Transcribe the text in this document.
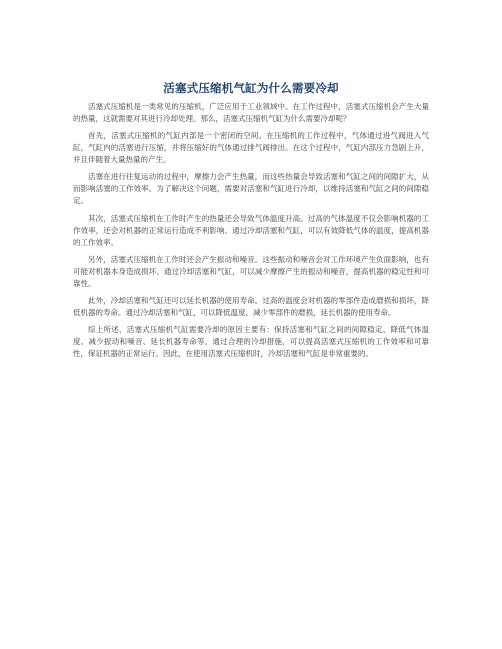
活塞式压缩机气缸为什么需要冷却

活塞式压缩机是一类常见的压缩机，广泛应用于工业领域中。在工作过程中，活塞式压缩机会产生大量的热量，这就需要对其进行冷却处理。那么，活塞式压缩机气缸为什么需要冷却呢？

首先，活塞式压缩机的气缸内部是一个密闭的空间。在压缩机的工作过程中，气体通过进气阀进入气缸，气缸内的活塞进行压缩，并将压缩好的气体通过排气阀排出。在这个过程中，气缸内部压力急剧上升，并且伴随着大量热量的产生。

活塞在进行往复运动的过程中，摩擦力会产生热量，而这些热量会导致活塞和气缸之间的间隙扩大，从而影响活塞的工作效率。为了解决这个问题，需要对活塞和气缸进行冷却，以维持活塞和气缸之间的间隙稳定。

其次，活塞式压缩机在工作时产生的热量还会导致气体温度升高。过高的气体温度不仅会影响机器的工作效率，还会对机器的正常运行造成不利影响。通过冷却活塞和气缸，可以有效降低气体的温度，提高机器的工作效率。

另外，活塞式压缩机在工作时还会产生振动和噪音。这些振动和噪音会对工作环境产生负面影响，也有可能对机器本身造成损坏。通过冷却活塞和气缸，可以减少摩擦产生的振动和噪音，提高机器的稳定性和可靠性。

此外，冷却活塞和气缸还可以延长机器的使用寿命。过高的温度会对机器的零部件造成磨损和损坏，降低机器的寿命。通过冷却活塞和气缸，可以降低温度，减少零部件的磨损，延长机器的使用寿命。

综上所述，活塞式压缩机气缸需要冷却的原因主要有：保持活塞和气缸之间的间隙稳定、降低气体温度、减少振动和噪音、延长机器寿命等。通过合理的冷却措施，可以提高活塞式压缩机的工作效率和可靠性，保证机器的正常运行。因此，在使用活塞式压缩机时，冷却活塞和气缸是非常重要的。
